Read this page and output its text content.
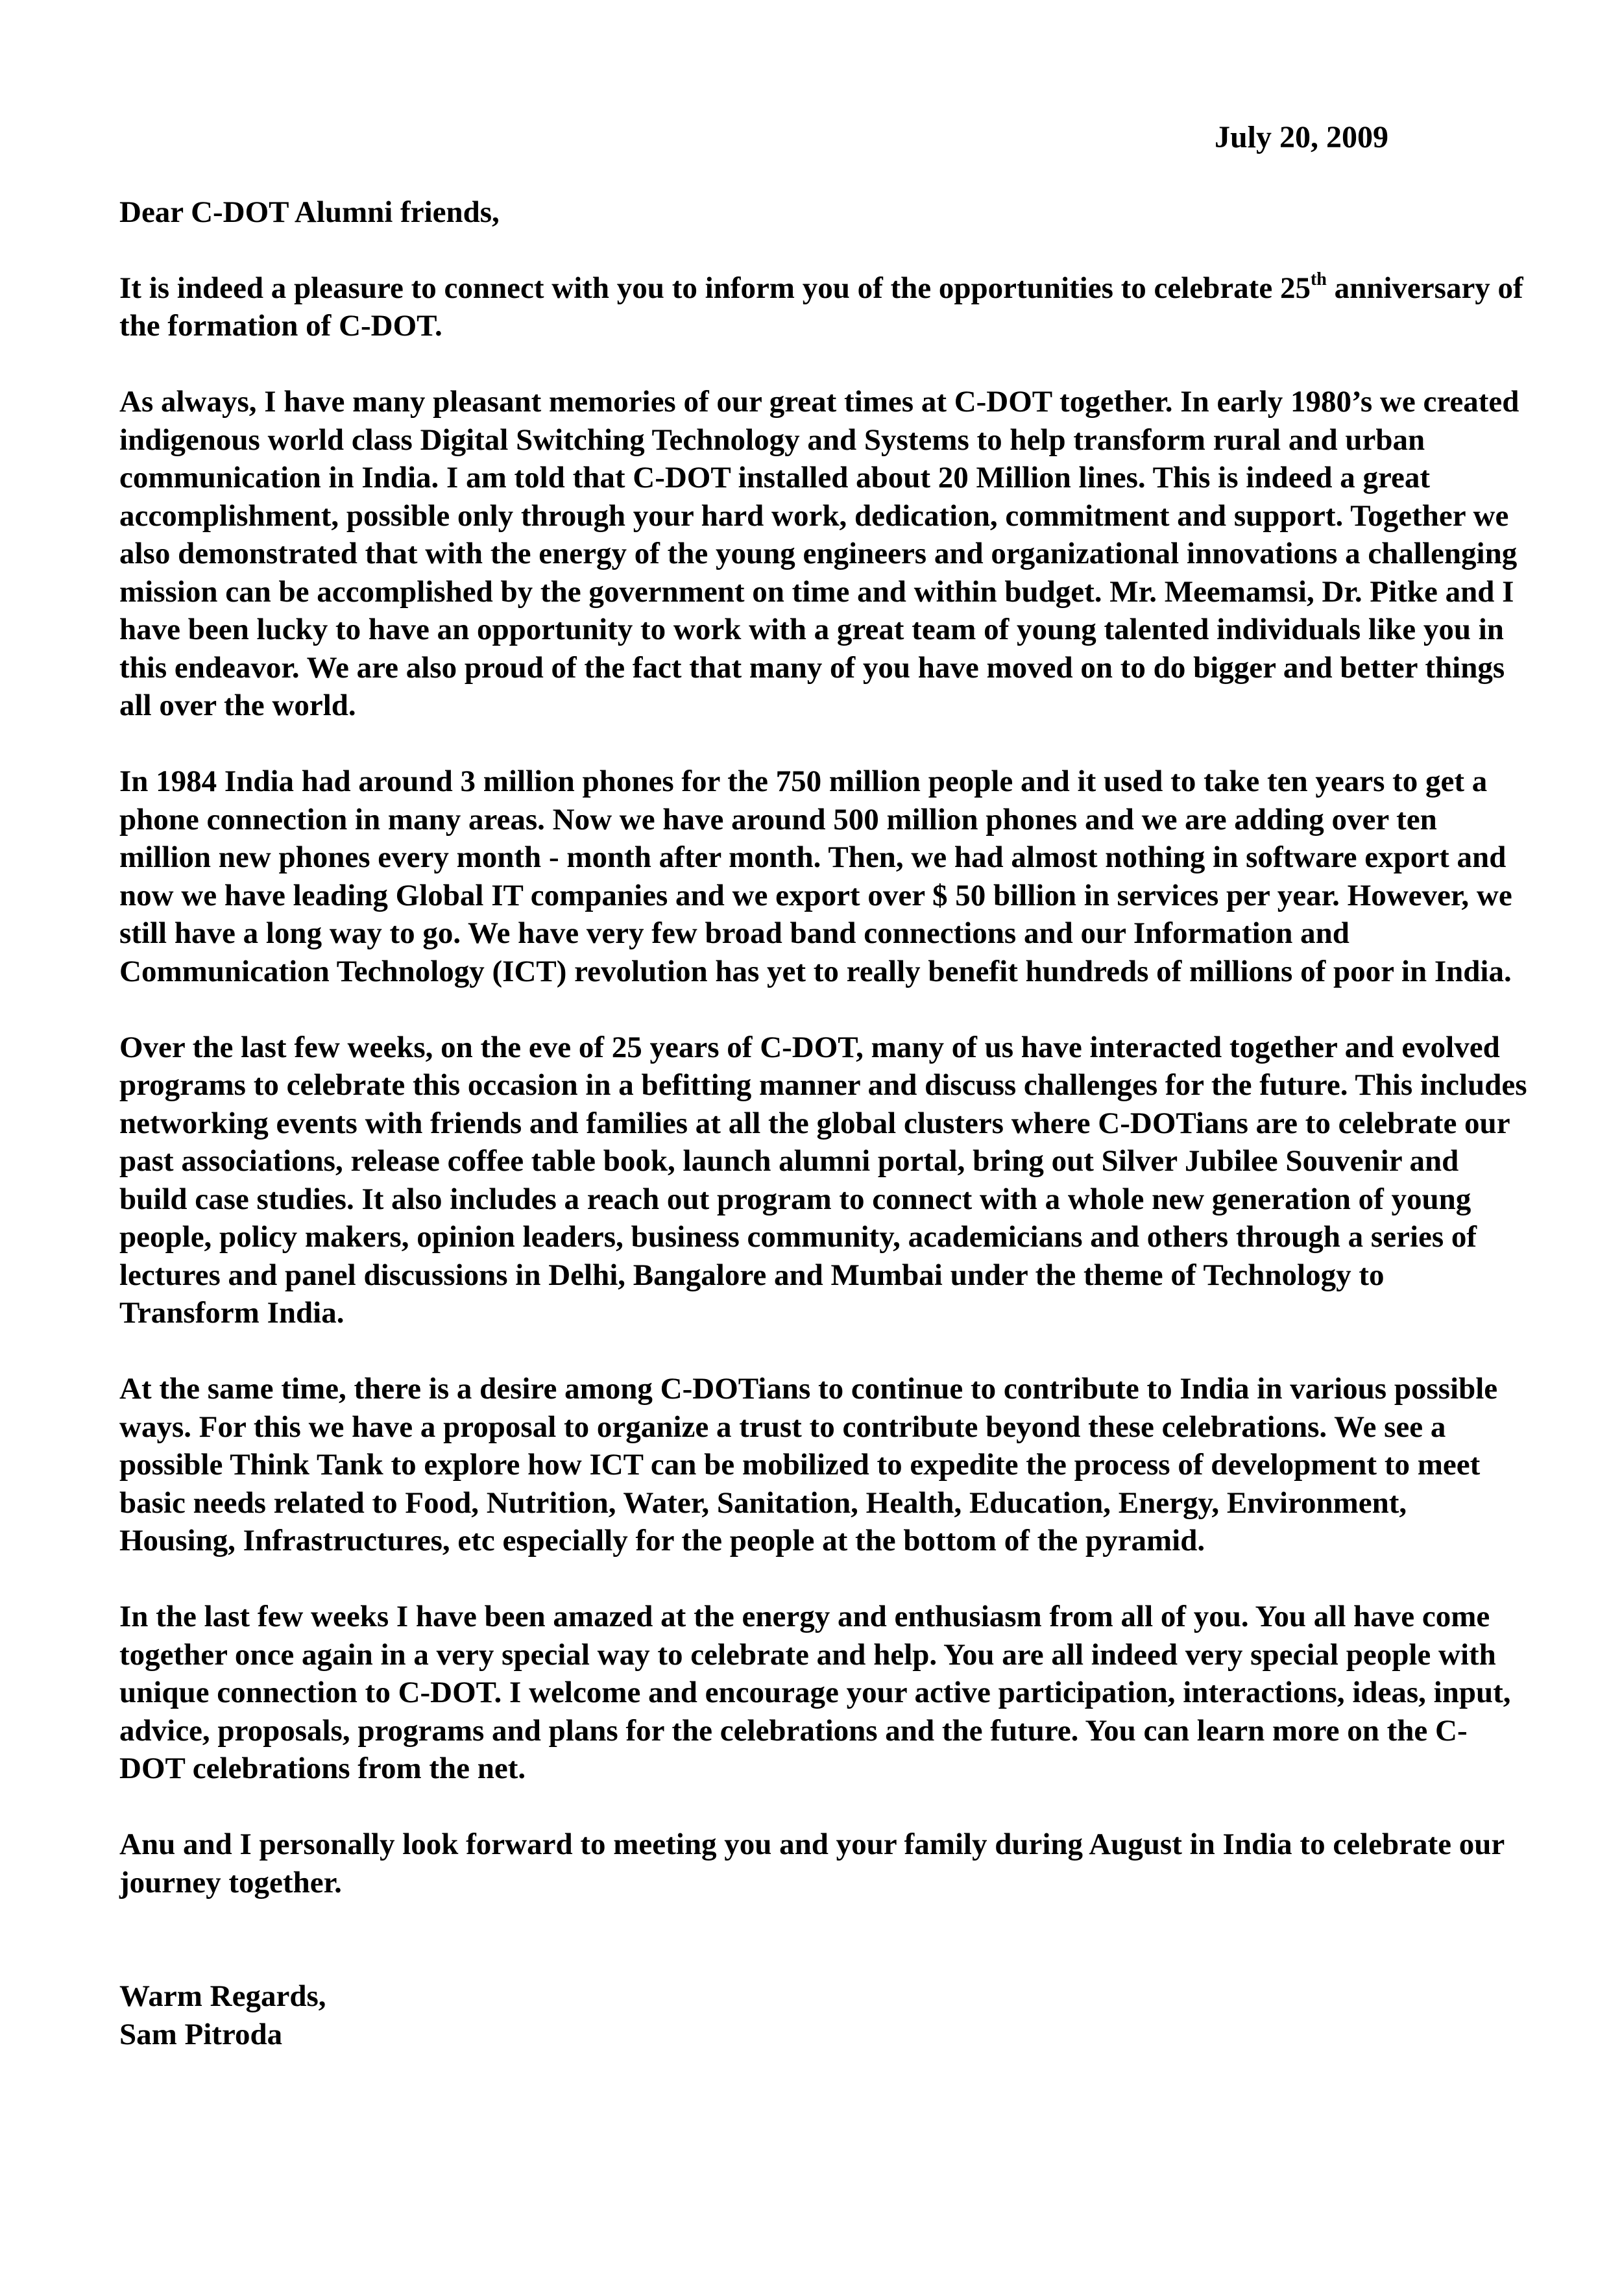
July 20, 2009
Dear C-DOT Alumni friends,
It is indeed a pleasure to connect with you to inform you of the opportunities to celebrate 25th anniversary of the formation of C-DOT.
As always, I have many pleasant memories of our great times at C-DOT together. In early 1980’s we created indigenous world class Digital Switching Technology and Systems to help transform rural and urban communication in India. I am told that C-DOT installed about 20 Million lines. This is indeed a great accomplishment, possible only through your hard work, dedication, commitment and support. Together we also demonstrated that with the energy of the young engineers and organizational innovations a challenging mission can be accomplished by the government on time and within budget. Mr. Meemamsi, Dr. Pitke and I have been lucky to have an opportunity to work with a great team of young talented individuals like you in this endeavor. We are also proud of the fact that many of you have moved on to do bigger and better things all over the world.
In 1984 India had around 3 million phones for the 750 million people and it used to take ten years to get a phone connection in many areas. Now we have around 500 million phones and we are adding over ten million new phones every month - month after month. Then, we had almost nothing in software export and now we have leading Global IT companies and we export over $ 50 billion in services per year. However, we still have a long way to go. We have very few broad band connections and our Information and Communication Technology (ICT) revolution has yet to really benefit hundreds of millions of poor in India.
Over the last few weeks, on the eve of 25 years of C-DOT, many of us have interacted together and evolved programs to celebrate this occasion in a befitting manner and discuss challenges for the future. This includes networking events with friends and families at all the global clusters where C-DOTians are to celebrate our past associations, release coffee table book, launch alumni portal, bring out Silver Jubilee Souvenir and build case studies. It also includes a reach out program to connect with a whole new generation of young people, policy makers, opinion leaders, business community, academicians and others through a series of lectures and panel discussions in Delhi, Bangalore and Mumbai under the theme of Technology to Transform India.
At the same time, there is a desire among C-DOTians to continue to contribute to India in various possible ways. For this we have a proposal to organize a trust to contribute beyond these celebrations. We see a possible Think Tank to explore how ICT can be mobilized to expedite the process of development to meet basic needs related to Food, Nutrition, Water, Sanitation, Health, Education, Energy, Environment, Housing, Infrastructures, etc especially for the people at the bottom of the pyramid.
In the last few weeks I have been amazed at the energy and enthusiasm from all of you. You all have come together once again in a very special way to celebrate and help. You are all indeed very special people with unique connection to C-DOT. I welcome and encourage your active participation, interactions, ideas, input, advice, proposals, programs and plans for the celebrations and the future. You can learn more on the C-DOT celebrations from the net.
Anu and I personally look forward to meeting you and your family during August in India to celebrate our journey together.
Warm Regards,
Sam Pitroda
